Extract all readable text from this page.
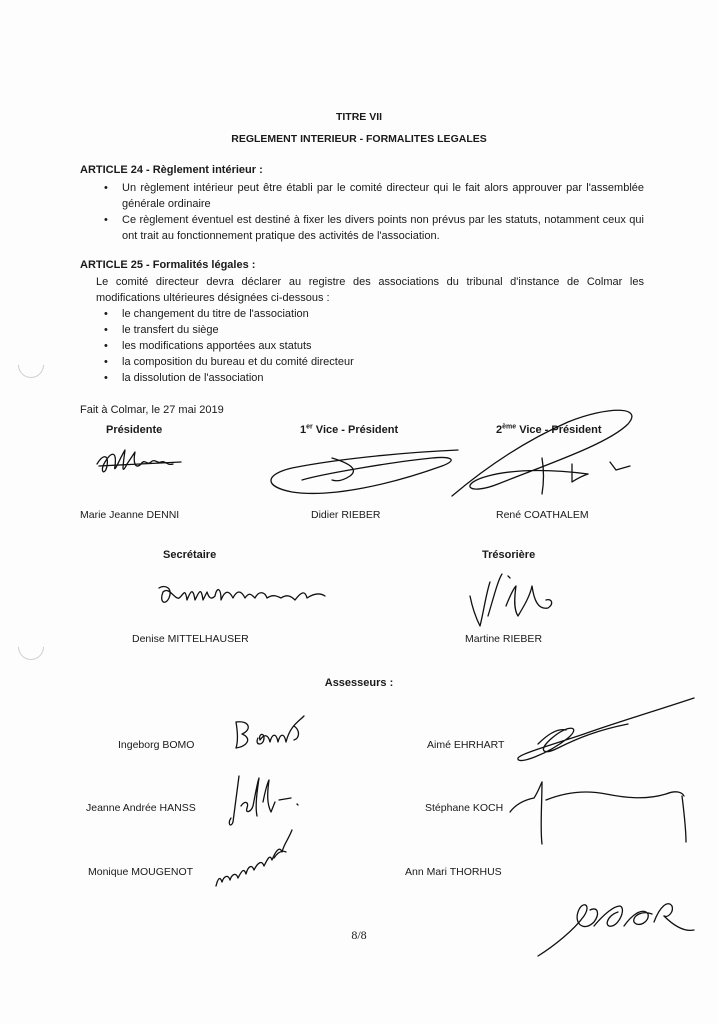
TITRE VII
REGLEMENT INTERIEUR - FORMALITES LEGALES
ARTICLE 24 - Règlement intérieur :
• Un règlement intérieur peut être établi par le comité directeur qui le fait alors approuver par l'assemblée générale ordinaire
• Ce règlement éventuel est destiné à fixer les divers points non prévus par les statuts, notamment ceux qui ont trait au fonctionnement pratique des activités de l'association.
ARTICLE 25 - Formalités légales :
Le comité directeur devra déclarer au registre des associations du tribunal d'instance de Colmar les modifications ultérieures désignées ci-dessous :
• le changement du titre de l'association
• le transfert du siège
• les modifications apportées aux statuts
• la composition du bureau et du comité directeur
• la dissolution de l'association
Fait à Colmar, le 27 mai 2019
Présidente	1er Vice - Président	2ème Vice - Président
Marie Jeanne DENNI	Didier RIEBER	René COATHALEM
Secrétaire	Trésorière
Denise MITTELHAUSER	Martine RIEBER
Assesseurs :
Ingeborg BOMO
Jeanne Andrée HANSS
Monique MOUGENOT
Aimé EHRHART
Stéphane KOCH
Ann Mari THORHUS
8/8
